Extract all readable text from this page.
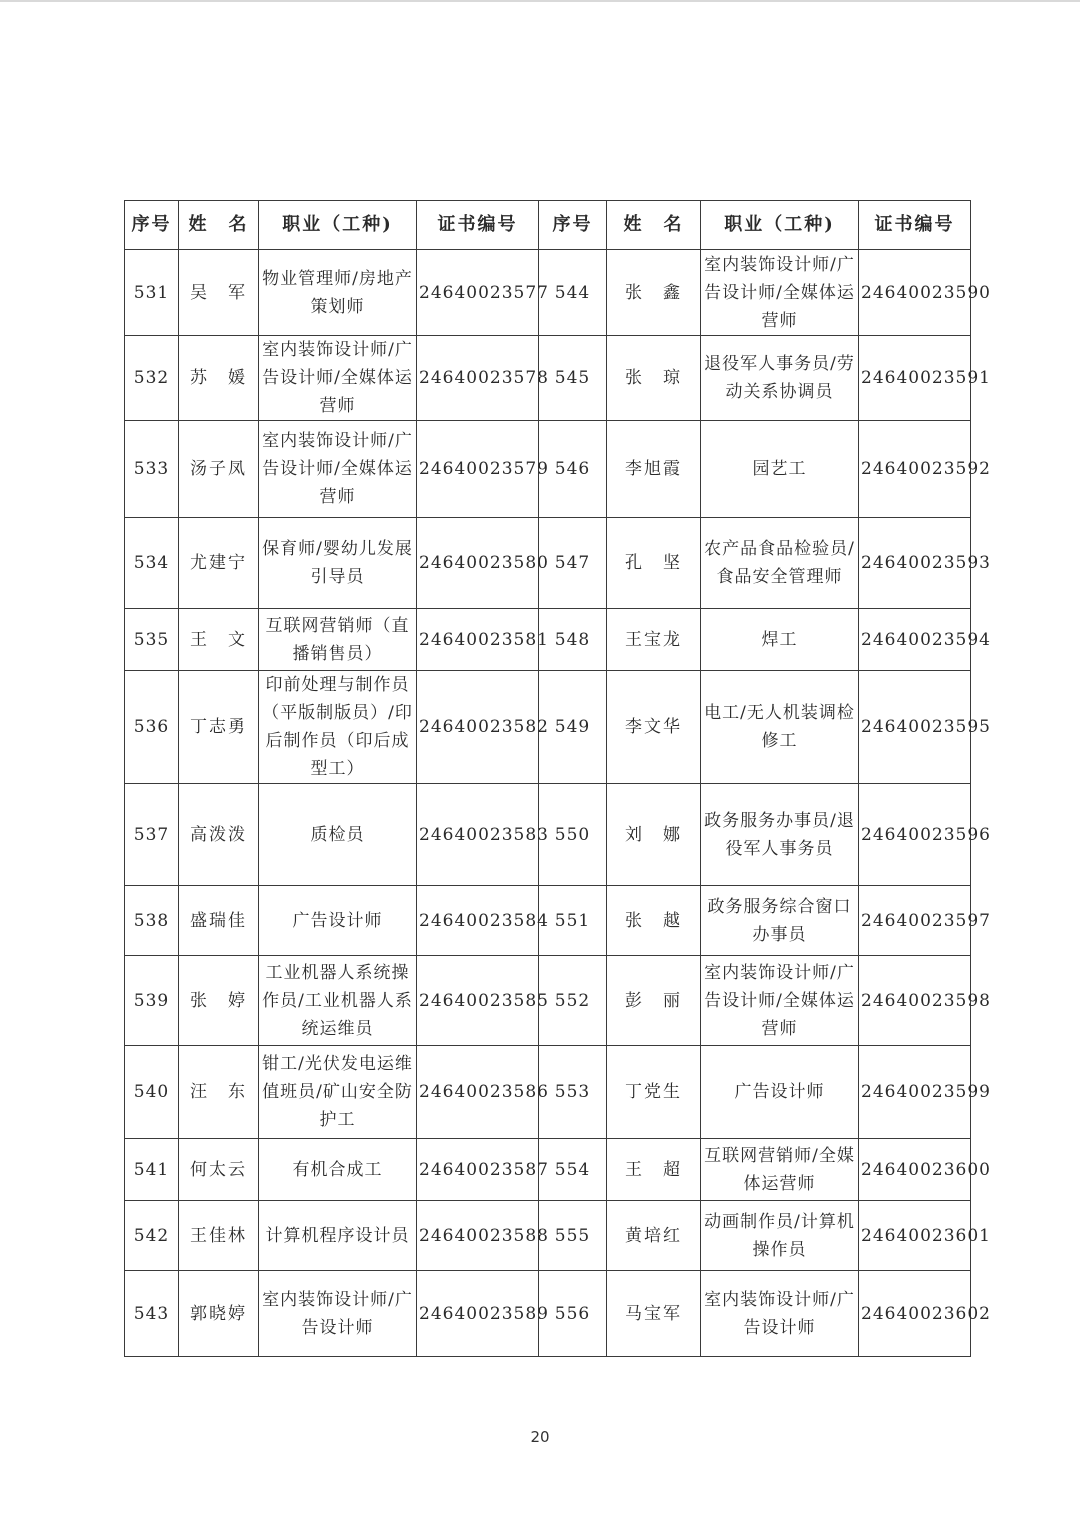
序号	姓　名	职业（工种)	证书编号	序号	姓　名	职业（工种)	证书编号
531	吴　军	物业管理师/房地产策划师	24640023577	544	张　鑫	室内装饰设计师/广告设计师/全媒体运营师	24640023590
532	苏　媛	室内装饰设计师/广告设计师/全媒体运营师	24640023578	545	张　琼	退役军人事务员/劳动关系协调员	24640023591
533	汤子凤	室内装饰设计师/广告设计师/全媒体运营师	24640023579	546	李旭霞	园艺工	24640023592
534	尤建宁	保育师/婴幼儿发展引导员	24640023580	547	孔　坚	农产品食品检验员/食品安全管理师	24640023593
535	王　文	互联网营销师（直播销售员）	24640023581	548	王宝龙	焊工	24640023594
536	丁志勇	印前处理与制作员（平版制版员）/印后制作员（印后成型工）	24640023582	549	李文华	电工/无人机装调检修工	24640023595
537	高泼泼	质检员	24640023583	550	刘　娜	政务服务办事员/退役军人事务员	24640023596
538	盛瑞佳	广告设计师	24640023584	551	张　越	政务服务综合窗口办事员	24640023597
539	张　婷	工业机器人系统操作员/工业机器人系统运维员	24640023585	552	彭　丽	室内装饰设计师/广告设计师/全媒体运营师	24640023598
540	汪　东	钳工/光伏发电运维值班员/矿山安全防护工	24640023586	553	丁党生	广告设计师	24640023599
541	何太云	有机合成工	24640023587	554	王　超	互联网营销师/全媒体运营师	24640023600
542	王佳林	计算机程序设计员	24640023588	555	黄培红	动画制作员/计算机操作员	24640023601
543	郭晓婷	室内装饰设计师/广告设计师	24640023589	556	马宝军	室内装饰设计师/广告设计师	24640023602
20
